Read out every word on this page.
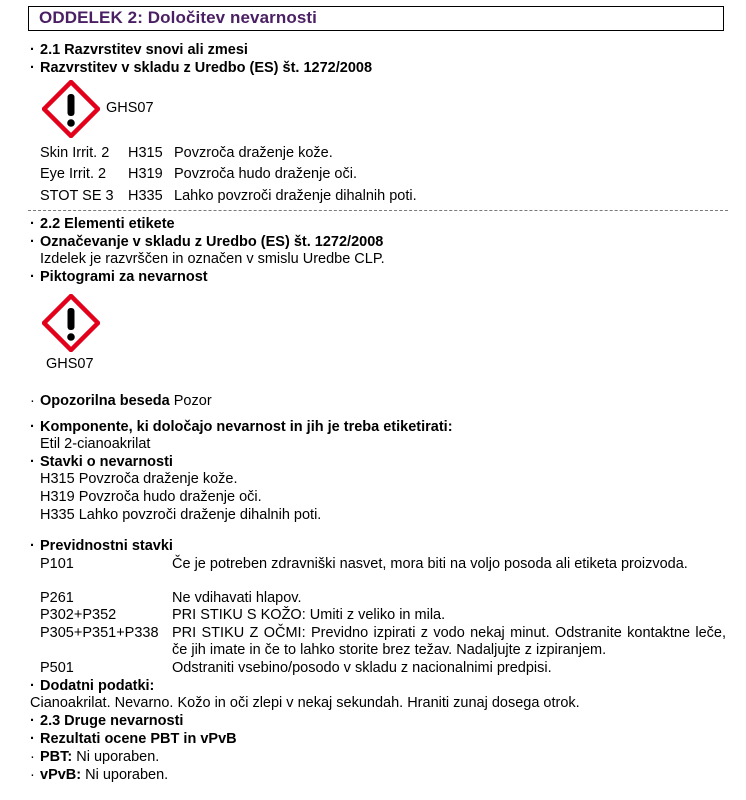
ODDELEK 2: Določitev nevarnosti
· 2.1 Razvrstitev snovi ali zmesi
· Razvrstitev v skladu z Uredbo (ES) št. 1272/2008
GHS07
Skin Irrit. 2 H315 Povzroča draženje kože.
Eye Irrit. 2 H319 Povzroča hudo draženje oči.
STOT SE 3 H335 Lahko povzroči draženje dihalnih poti.
· 2.2 Elementi etikete
· Označevanje v skladu z Uredbo (ES) št. 1272/2008
Izdelek je razvrščen in označen v smislu Uredbe CLP.
· Piktogrami za nevarnost
GHS07
· Opozorilna beseda Pozor
· Komponente, ki določajo nevarnost in jih je treba etiketirati:
Etil 2-cianoakrilat
· Stavki o nevarnosti
H315 Povzroča draženje kože.
H319 Povzroča hudo draženje oči.
H335 Lahko povzroči draženje dihalnih poti.
· Previdnostni stavki
P101	Če je potreben zdravniški nasvet, mora biti na voljo posoda ali etiketa proizvoda.
P261	Ne vdihavati hlapov.
P302+P352	PRI STIKU S KOŽO: Umiti z veliko in mila.
P305+P351+P338 PRI STIKU Z OČMI: Previdno izpirati z vodo nekaj minut. Odstranite kontaktne leče, če jih imate in če to lahko storite brez težav. Nadaljujte z izpiranjem.
P501	Odstraniti vsebino/posodo v skladu z nacionalnimi predpisi.
· Dodatni podatki:
Cianoakrilat. Nevarno. Kožo in oči zlepi v nekaj sekundah. Hraniti zunaj dosega otrok.
· 2.3 Druge nevarnosti
· Rezultati ocene PBT in vPvB
· PBT: Ni uporaben.
· vPvB: Ni uporaben.
